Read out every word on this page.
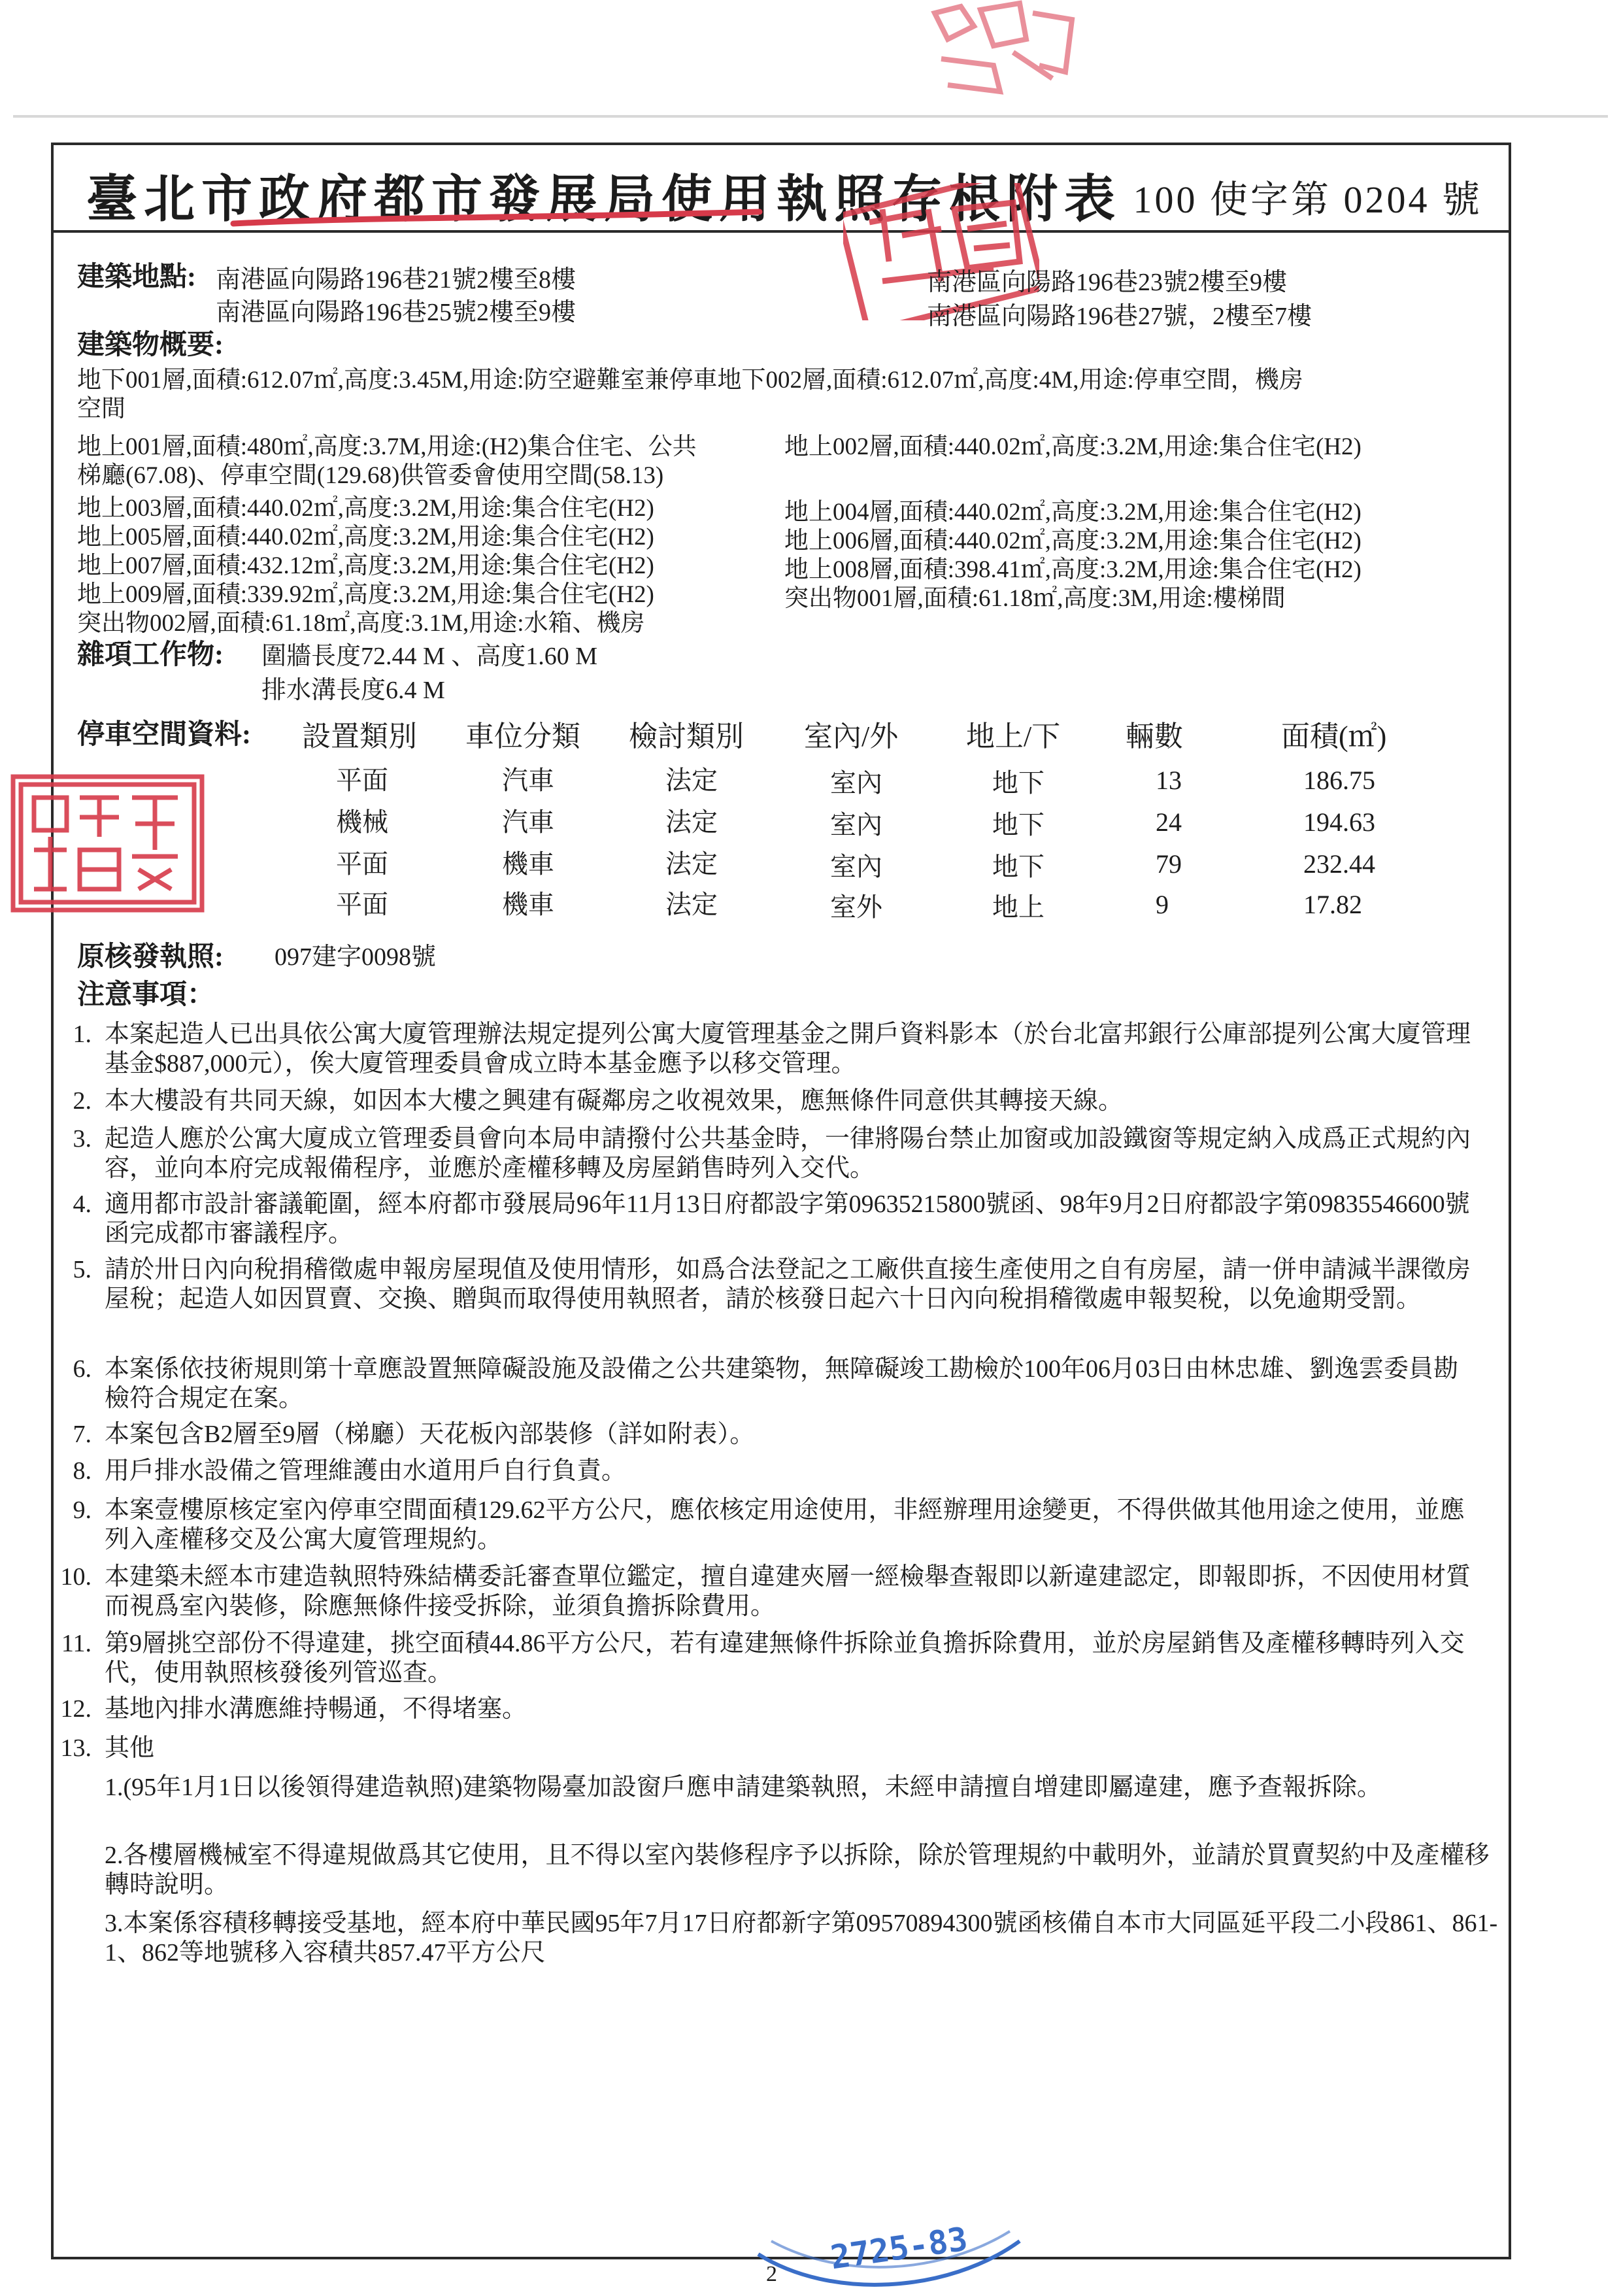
臺北市政府都市發展局使用執照存根附表 100 使字第 0204 號
建築地點: 南港區向陽路196巷21號2樓至8樓	南港區向陽路196巷23號2樓至9樓
南港區向陽路196巷25號2樓至9樓	南港區向陽路196巷27號，2樓至7樓
建築物概要:
地下001層,面積:612.07㎡,高度:3.45M,用途:防空避難室兼停車地下002層,面積:612.07㎡,高度:4M,用途:停車空間，機房
空間
地上001層,面積:480㎡,高度:3.7M,用途:(H2)集合住宅、公共
梯廳(67.08)、停車空間(129.68)供管委會使用空間(58.13)
地上002層,面積:440.02㎡,高度:3.2M,用途:集合住宅(H2)
地上003層,面積:440.02㎡,高度:3.2M,用途:集合住宅(H2)	地上004層,面積:440.02㎡,高度:3.2M,用途:集合住宅(H2)
地上005層,面積:440.02㎡,高度:3.2M,用途:集合住宅(H2)	地上006層,面積:440.02㎡,高度:3.2M,用途:集合住宅(H2)
地上007層,面積:432.12㎡,高度:3.2M,用途:集合住宅(H2)	地上008層,面積:398.41㎡,高度:3.2M,用途:集合住宅(H2)
地上009層,面積:339.92㎡,高度:3.2M,用途:集合住宅(H2)	突出物001層,面積:61.18㎡,高度:3M,用途:樓梯間
突出物002層,面積:61.18㎡,高度:3.1M,用途:水箱、機房
雜項工作物: 圍牆長度72.44 M 、高度1.60 M
排水溝長度6.4 M
停車空間資料: 設置類別 車位分類 檢討類別 室內/外 地上/下 輛數	面積(㎡)
平面	汽車	法定	室內	地下	13	186.75
機械	汽車	法定	室內	地下	24	194.63
平面	機車	法定	室內	地下	79	232.44
平面	機車	法定	室外	地上	9	17.82
原核發執照: 097建字0098號
注意事項：
1. 本案起造人已出具依公寓大廈管理辦法規定提列公寓大廈管理基金之開戶資料影本（於台北富邦銀行公庫部提列公寓大廈管理基金$887,000元），俟大廈管理委員會成立時本基金應予以移交管理。
2. 本大樓設有共同天線，如因本大樓之興建有礙鄰房之收視效果，應無條件同意供其轉接天線。
3. 起造人應於公寓大廈成立管理委員會向本局申請撥付公共基金時，一律將陽台禁止加窗或加設鐵窗等規定納入成爲正式規約內容，並向本府完成報備程序，並應於產權移轉及房屋銷售時列入交代。
4. 適用都市設計審議範圍，經本府都市發展局96年11月13日府都設字第09635215800號函、98年9月2日府都設字第09835546600號函完成都市審議程序。
5. 請於卅日內向稅捐稽徵處申報房屋現值及使用情形，如爲合法登記之工廠供直接生產使用之自有房屋，請一併申請減半課徵房屋稅；起造人如因買賣、交換、贈與而取得使用執照者，請於核發日起六十日內向稅捐稽徵處申報契稅，以免逾期受罰。
6. 本案係依技術規則第十章應設置無障礙設施及設備之公共建築物，無障礙竣工勘檢於100年06月03日由林忠雄、劉逸雲委員勘檢符合規定在案。
7. 本案包含B2層至9層（梯廳）天花板內部裝修（詳如附表）。
8. 用戶排水設備之管理維護由水道用戶自行負責。
9. 本案壹樓原核定室內停車空間面積129.62平方公尺，應依核定用途使用，非經辦理用途變更，不得供做其他用途之使用，並應列入產權移交及公寓大廈管理規約。
10. 本建築未經本市建造執照特殊結構委託審查單位鑑定，擅自違建夾層一經檢舉查報即以新違建認定，即報即拆，不因使用材質而視爲室內裝修，除應無條件接受拆除，並須負擔拆除費用。
11. 第9層挑空部份不得違建，挑空面積44.86平方公尺，若有違建無條件拆除並負擔拆除費用，並於房屋銷售及產權移轉時列入交代，使用執照核發後列管巡查。
12. 基地內排水溝應維持暢通，不得堵塞。
13. 其他
1.(95年1月1日以後領得建造執照)建築物陽臺加設窗戶應申請建築執照，未經申請擅自增建即屬違建，應予查報拆除。
2.各樓層機械室不得違規做爲其它使用，且不得以室內裝修程序予以拆除，除於管理規約中載明外，並請於買賣契約中及產權移轉時說明。
3.本案係容積移轉接受基地，經本府中華民國95年7月17日府都新字第09570894300號函核備自本市大同區延平段二小段861、861-1、862等地號移入容積共857.47平方公尺
2725-83
2
